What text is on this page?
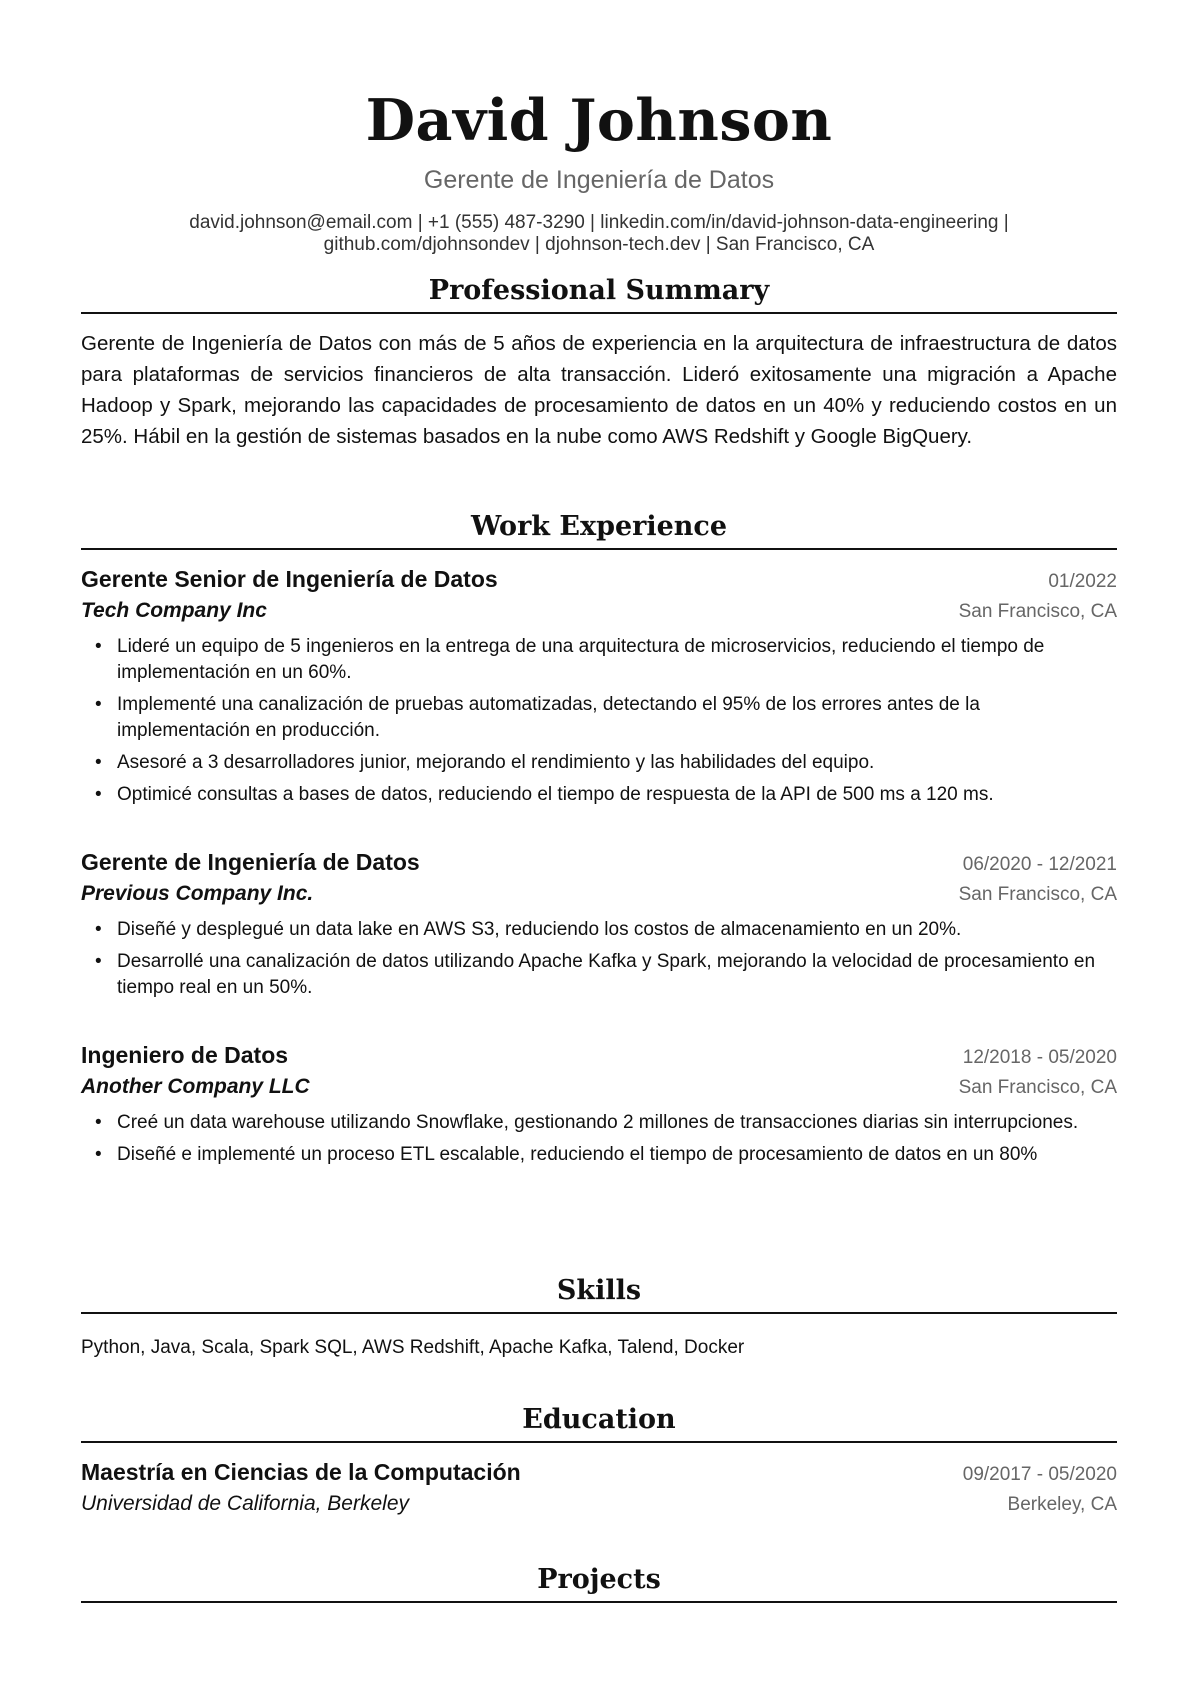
David Johnson
Gerente de Ingeniería de Datos
david.johnson@email.com | +1 (555) 487-3290 | linkedin.com/in/david-johnson-data-engineering |
github.com/djohnsondev | djohnson-tech.dev | San Francisco, CA
Professional Summary
Gerente de Ingeniería de Datos con más de 5 años de experiencia en la arquitectura de infraestructura de datos para plataformas de servicios financieros de alta transacción. Lideró exitosamente una migración a Apache Hadoop y Spark, mejorando las capacidades de procesamiento de datos en un 40% y reduciendo costos en un 25%. Hábil en la gestión de sistemas basados en la nube como AWS Redshift y Google BigQuery.
Work Experience
Gerente Senior de Ingeniería de Datos	01/2022
Tech Company Inc	San Francisco, CA
• Lideré un equipo de 5 ingenieros en la entrega de una arquitectura de microservicios, reduciendo el tiempo de implementación en un 60%.
• Implementé una canalización de pruebas automatizadas, detectando el 95% de los errores antes de la implementación en producción.
• Asesoré a 3 desarrolladores junior, mejorando el rendimiento y las habilidades del equipo.
• Optimicé consultas a bases de datos, reduciendo el tiempo de respuesta de la API de 500 ms a 120 ms.
Gerente de Ingeniería de Datos	06/2020 - 12/2021
Previous Company Inc.	San Francisco, CA
• Diseñé y desplegué un data lake en AWS S3, reduciendo los costos de almacenamiento en un 20%.
• Desarrollé una canalización de datos utilizando Apache Kafka y Spark, mejorando la velocidad de procesamiento en tiempo real en un 50%.
Ingeniero de Datos	12/2018 - 05/2020
Another Company LLC	San Francisco, CA
• Creé un data warehouse utilizando Snowflake, gestionando 2 millones de transacciones diarias sin interrupciones.
• Diseñé e implementé un proceso ETL escalable, reduciendo el tiempo de procesamiento de datos en un 80%
Skills
Python, Java, Scala, Spark SQL, AWS Redshift, Apache Kafka, Talend, Docker
Education
Maestría en Ciencias de la Computación	09/2017 - 05/2020
Universidad de California, Berkeley	Berkeley, CA
Projects
